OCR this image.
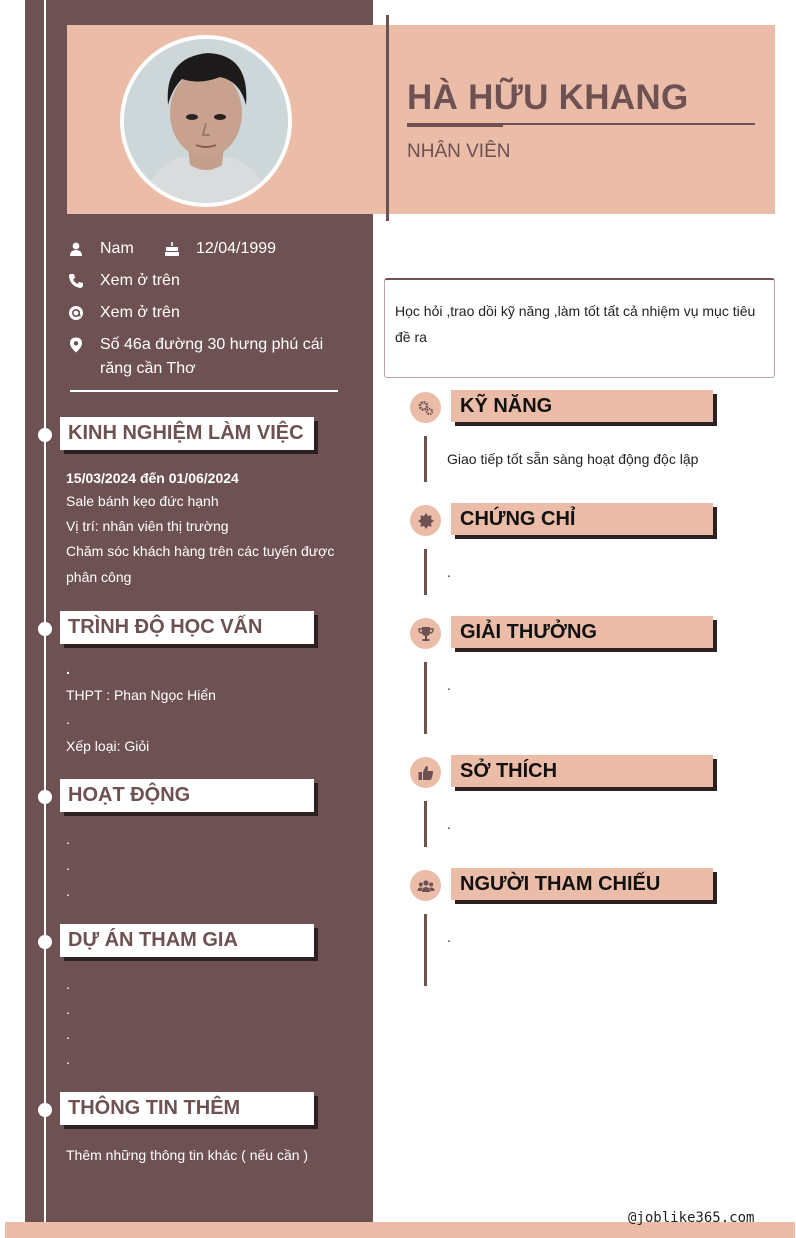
HÀ HỮU KHANG
NHÂN VIÊN
Nam	12/04/1999
Xem ở trên
Xem ở trên
Số 46a đường 30 hưng phú cái răng cần Thơ
KINH NGHIỆM LÀM VIỆC
15/03/2024 đến 01/06/2024
Sale bánh kẹo đức hạnh
Vị trí: nhân viên thị trường
Chăm sóc khách hàng trên các tuyến được phân công
TRÌNH ĐỘ HỌC VẤN
.
THPT : Phan Ngọc Hiển
.
Xếp loại: Giỏi
HOẠT ĐỘNG
.
.
.
DỰ ÁN THAM GIA
.
.
.
.
THÔNG TIN THÊM
Thêm những thông tin khác ( nếu cần )
Học hỏi ,trao dồi kỹ năng ,làm tốt tất cả nhiệm vụ mục tiêu đề ra
KỸ NĂNG
Giao tiếp tốt sẵn sàng hoạt động độc lập
CHỨNG CHỈ
.
GIẢI THƯỞNG
.
SỞ THÍCH
.
NGƯỜI THAM CHIẾU
.
@joblike365.com
